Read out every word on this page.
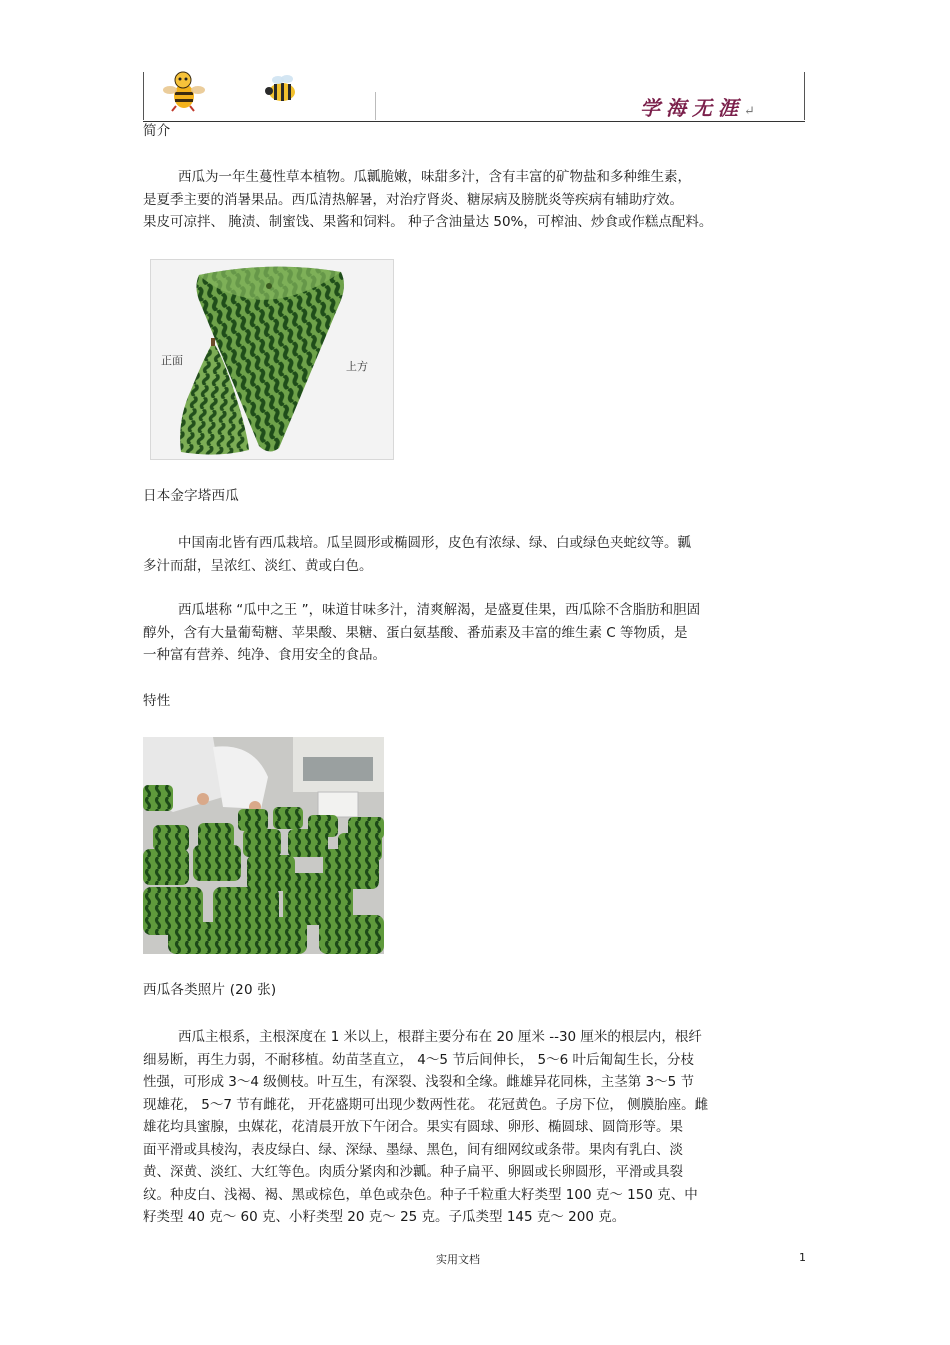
学海无涯↵
简介
西瓜为一年生蔓性草本植物。瓜瓤脆嫩，味甜多汁，含有丰富的矿物盐和多种维生素，
是夏季主要的消暑果品。西瓜清热解暑，对治疗肾炎、糖尿病及膀胱炎等疾病有辅助疗效。
果皮可凉拌、 腌渍、制蜜饯、果酱和饲料。 种子含油量达 50%，可榨油、炒食或作糕点配料。
正面	上方
日本金字塔西瓜
中国南北皆有西瓜栽培。瓜呈圆形或椭圆形，皮色有浓绿、绿、白或绿色夹蛇纹等。瓤
多汁而甜，呈浓红、淡红、黄或白色。
西瓜堪称 “瓜中之王 ”，味道甘味多汁，清爽解渴，是盛夏佳果，西瓜除不含脂肪和胆固
醇外，含有大量葡萄糖、苹果酸、果糖、蛋白氨基酸、番茄素及丰富的维生素 C 等物质，是
一种富有营养、纯净、食用安全的食品。
特性
西瓜各类照片 (20 张)
西瓜主根系，主根深度在 1 米以上，根群主要分布在 20 厘米 --30 厘米的根层内，根纤
细易断，再生力弱，不耐移植。幼苗茎直立， 4～5 节后间伸长， 5～6 叶后匍匐生长，分枝
性强，可形成 3～4 级侧枝。叶互生，有深裂、浅裂和全缘。雌雄异花同株，主茎第 3～5 节
现雄花， 5～7 节有雌花， 开花盛期可出现少数两性花。 花冠黄色。子房下位， 侧膜胎座。雌
雄花均具蜜腺，虫媒花，花清晨开放下午闭合。果实有圆球、卵形、椭圆球、圆筒形等。果
面平滑或具棱沟，表皮绿白、绿、深绿、墨绿、黑色，间有细网纹或条带。果肉有乳白、淡
黄、深黄、淡红、大红等色。肉质分紧肉和沙瓤。种子扁平、卵圆或长卵圆形，平滑或具裂
纹。种皮白、浅褐、褐、黑或棕色，单色或杂色。种子千粒重大籽类型 100 克～ 150 克、中
籽类型 40 克～ 60 克、小籽类型 20 克～ 25 克。子瓜类型 145 克～ 200 克。
实用文档	1
